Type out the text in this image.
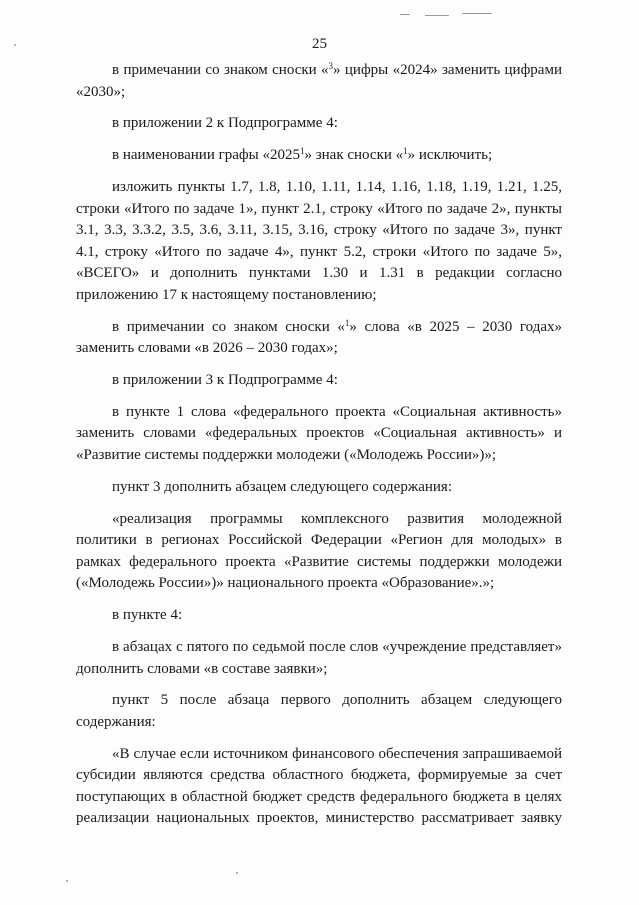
25

в примечании со знаком сноски «$^3$» цифры «2024» заменить цифрами «2030»;

в приложении 2 к Подпрограмме 4:

в наименовании графы «2025$^1$» знак сноски «$^1$» исключить;

изложить пункты 1.7, 1.8, 1.10, 1.11, 1.14, 1.16, 1.18, 1.19, 1.21, 1.25, строки «Итого по задаче 1», пункт 2.1, строку «Итого по задаче 2», пункты 3.1, 3.3, 3.3.2, 3.5, 3.6, 3.11, 3.15, 3.16, строку «Итого по задаче 3», пункт 4.1, строку «Итого по задаче 4», пункт 5.2, строки «Итого по задаче 5», «ВСЕГО» и дополнить пунктами 1.30 и 1.31 в редакции согласно приложению 17 к настоящему постановлению;

в примечании со знаком сноски «$^1$» слова «в 2025 – 2030 годах» заменить словами «в 2026 – 2030 годах»;

в приложении 3 к Подпрограмме 4:

в пункте 1 слова «федерального проекта «Социальная активность» заменить словами «федеральных проектов «Социальная активность» и «Развитие системы поддержки молодежи («Молодежь России»)»;

пункт 3 дополнить абзацем следующего содержания:

«реализация программы комплексного развития молодежной политики в регионах Российской Федерации «Регион для молодых» в рамках федерального проекта «Развитие системы поддержки молодежи («Молодежь России»)» национального проекта «Образование».»;

в пункте 4:

в абзацах с пятого по седьмой после слов «учреждение представляет» дополнить словами «в составе заявки»;

пункт 5 после абзаца первого дополнить абзацем следующего содержания:

«В случае если источником финансового обеспечения запрашиваемой субсидии являются средства областного бюджета, формируемые за счет поступающих в областной бюджет средств федерального бюджета в целях реализации национальных проектов, министерство рассматривает заявку
